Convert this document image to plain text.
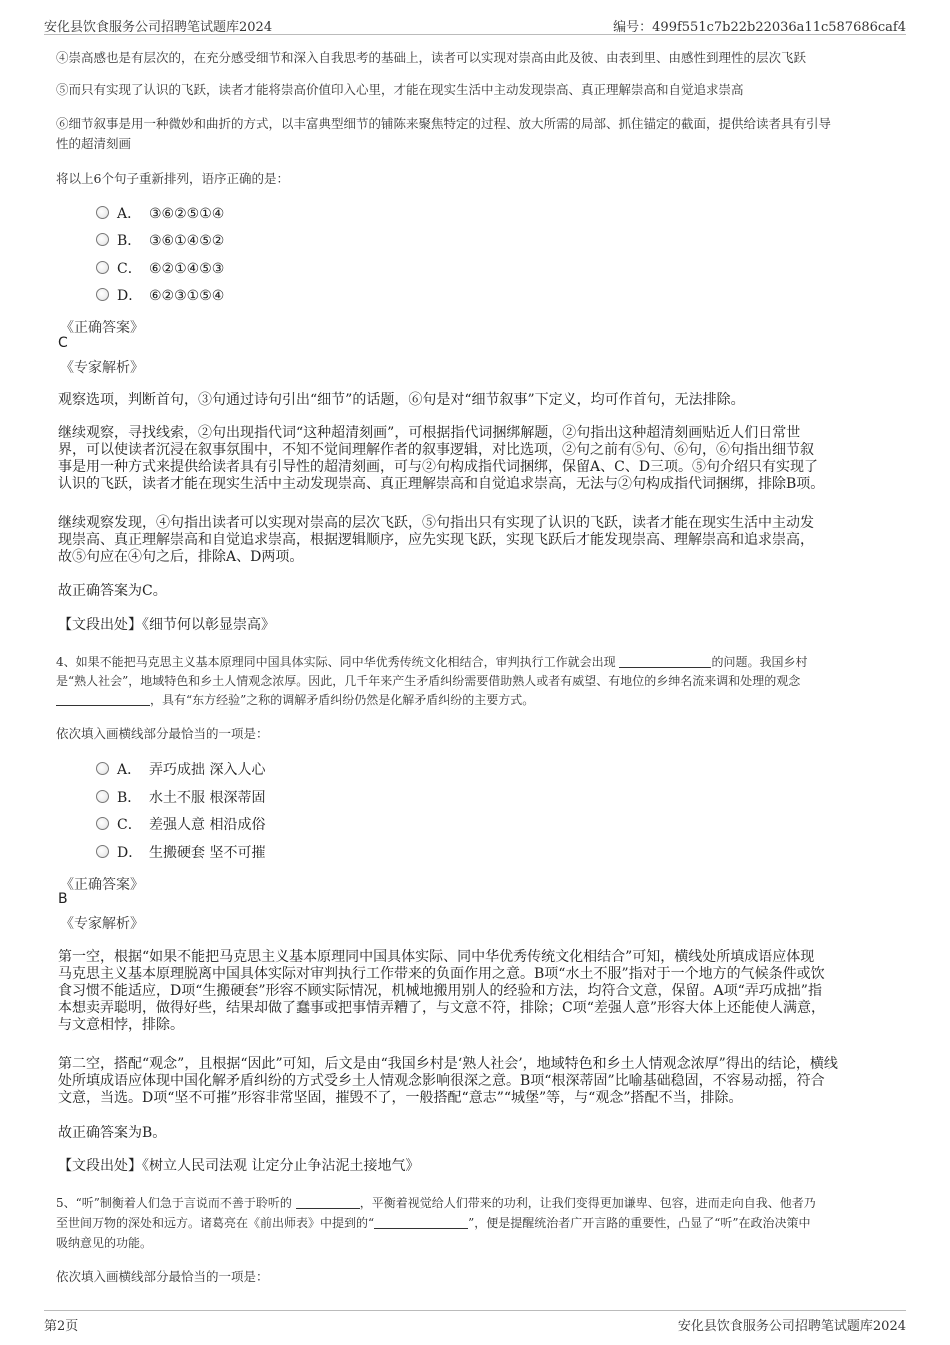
安化县饮食服务公司招聘笔试题库2024	编号：499f551c7b22b22036a11c587686caf4
④崇高感也是有层次的，在充分感受细节和深入自我思考的基础上，读者可以实现对崇高由此及彼、由表到里、由感性到理性的层次飞跃
⑤而只有实现了认识的飞跃，读者才能将崇高价值印入心里，才能在现实生活中主动发现崇高、真正理解崇高和自觉追求崇高
⑥细节叙事是用一种微妙和曲折的方式，以丰富典型细节的铺陈来聚焦特定的过程、放大所需的局部、抓住锚定的截面，提供给读者具有引导
性的超清刻画
将以上6个句子重新排列，语序正确的是：
A． ③⑥②⑤①④
B． ③⑥①④⑤②
C． ⑥②①④⑤③
D． ⑥②③①⑤④
《正确答案》
C
《专家解析》
观察选项，判断首句，③句通过诗句引出“细节”的话题，⑥句是对“细节叙事”下定义，均可作首句，无法排除。
继续观察，寻找线索，②句出现指代词“这种超清刻画”，可根据指代词捆绑解题，②句指出这种超清刻画贴近人们日常世
界，可以使读者沉浸在叙事氛围中，不知不觉间理解作者的叙事逻辑，对比选项，②句之前有⑤句、⑥句，⑥句指出细节叙
事是用一种方式来提供给读者具有引导性的超清刻画，可与②句构成指代词捆绑，保留A、C、D三项。⑤句介绍只有实现了
认识的飞跃，读者才能在现实生活中主动发现崇高、真正理解崇高和自觉追求崇高，无法与②句构成指代词捆绑，排除B项。
继续观察发现，④句指出读者可以实现对崇高的层次飞跃，⑤句指出只有实现了认识的飞跃，读者才能在现实生活中主动发
现崇高、真正理解崇高和自觉追求崇高，根据逻辑顺序，应先实现飞跃，实现飞跃后才能发现崇高、理解崇高和追求崇高，
故⑤句应在④句之后，排除A、D两项。
故正确答案为C。
【文段出处】《细节何以彰显崇高》
4、如果不能把马克思主义基本原理同中国具体实际、同中华优秀传统文化相结合，审判执行工作就会出现	的问题。我国乡村
是“熟人社会”，地域特色和乡土人情观念浓厚。因此，几千年来产生矛盾纠纷需要借助熟人或者有威望、有地位的乡绅名流来调和处理的观念
，具有“东方经验”之称的调解矛盾纠纷仍然是化解矛盾纠纷的主要方式。
依次填入画横线部分最恰当的一项是：
A． 弄巧成拙 深入人心
B． 水土不服 根深蒂固
C． 差强人意 相沿成俗
D． 生搬硬套 坚不可摧
《正确答案》
B
《专家解析》
第一空，根据“如果不能把马克思主义基本原理同中国具体实际、同中华优秀传统文化相结合”可知，横线处所填成语应体现
马克思主义基本原理脱离中国具体实际对审判执行工作带来的负面作用之意。B项“水土不服”指对于一个地方的气候条件或饮
食习惯不能适应，D项“生搬硬套”形容不顾实际情况，机械地搬用别人的经验和方法，均符合文意，保留。A项“弄巧成拙”指
本想卖弄聪明，做得好些，结果却做了蠢事或把事情弄糟了，与文意不符，排除；C项“差强人意”形容大体上还能使人满意，
与文意相悖，排除。
第二空，搭配“观念”，且根据“因此”可知，后文是由“我国乡村是‘熟人社会’，地域特色和乡土人情观念浓厚”得出的结论，横线
处所填成语应体现中国化解矛盾纠纷的方式受乡土人情观念影响很深之意。B项“根深蒂固”比喻基础稳固，不容易动摇，符合
文意，当选。D项“坚不可摧”形容非常坚固，摧毁不了，一般搭配“意志”“城堡”等，与“观念”搭配不当，排除。
故正确答案为B。
【文段出处】《树立人民司法观 让定分止争沾泥土接地气》
5、“听”制衡着人们急于言说而不善于聆听的	，平衡着视觉给人们带来的功利，让我们变得更加谦卑、包容，进而走向自我、他者乃
至世间万物的深处和远方。诸葛亮在《前出师表》中提到的“	”，便是提醒统治者广开言路的重要性，凸显了“听”在政治决策中
吸纳意见的功能。
依次填入画横线部分最恰当的一项是：
第2页	安化县饮食服务公司招聘笔试题库2024
